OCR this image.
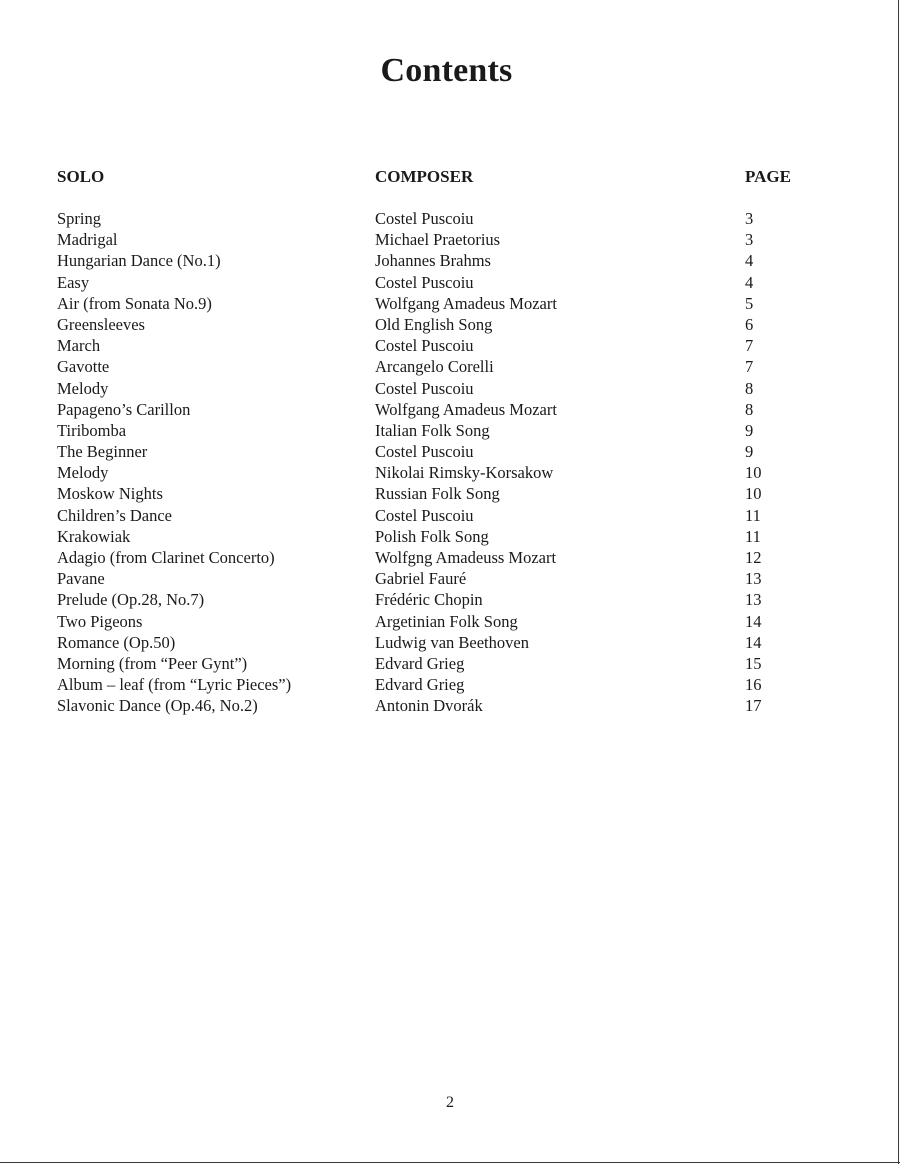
Contents
SOLO	COMPOSER	PAGE
Spring	Costel Puscoiu	3
Madrigal	Michael Praetorius	3
Hungarian Dance (No.1)	Johannes Brahms	4
Easy	Costel Puscoiu	4
Air (from Sonata No.9)	Wolfgang Amadeus Mozart	5
Greensleeves	Old English Song	6
March	Costel Puscoiu	7
Gavotte	Arcangelo Corelli	7
Melody	Costel Puscoiu	8
Papageno’s Carillon	Wolfgang Amadeus Mozart	8
Tiribomba	Italian Folk Song	9
The Beginner	Costel Puscoiu	9
Melody	Nikolai Rimsky-Korsakow	10
Moskow Nights	Russian Folk Song	10
Children’s Dance	Costel Puscoiu	11
Krakowiak	Polish Folk Song	11
Adagio (from Clarinet Concerto)	Wolfgng Amadeuss Mozart	12
Pavane	Gabriel Fauré	13
Prelude (Op.28, No.7)	Frédéric Chopin	13
Two Pigeons	Argetinian Folk Song	14
Romance (Op.50)	Ludwig van Beethoven	14
Morning (from “Peer Gynt”)	Edvard Grieg	15
Album – leaf (from “Lyric Pieces”)	Edvard Grieg	16
Slavonic Dance (Op.46, No.2)	Antonin Dvorák	17
2
